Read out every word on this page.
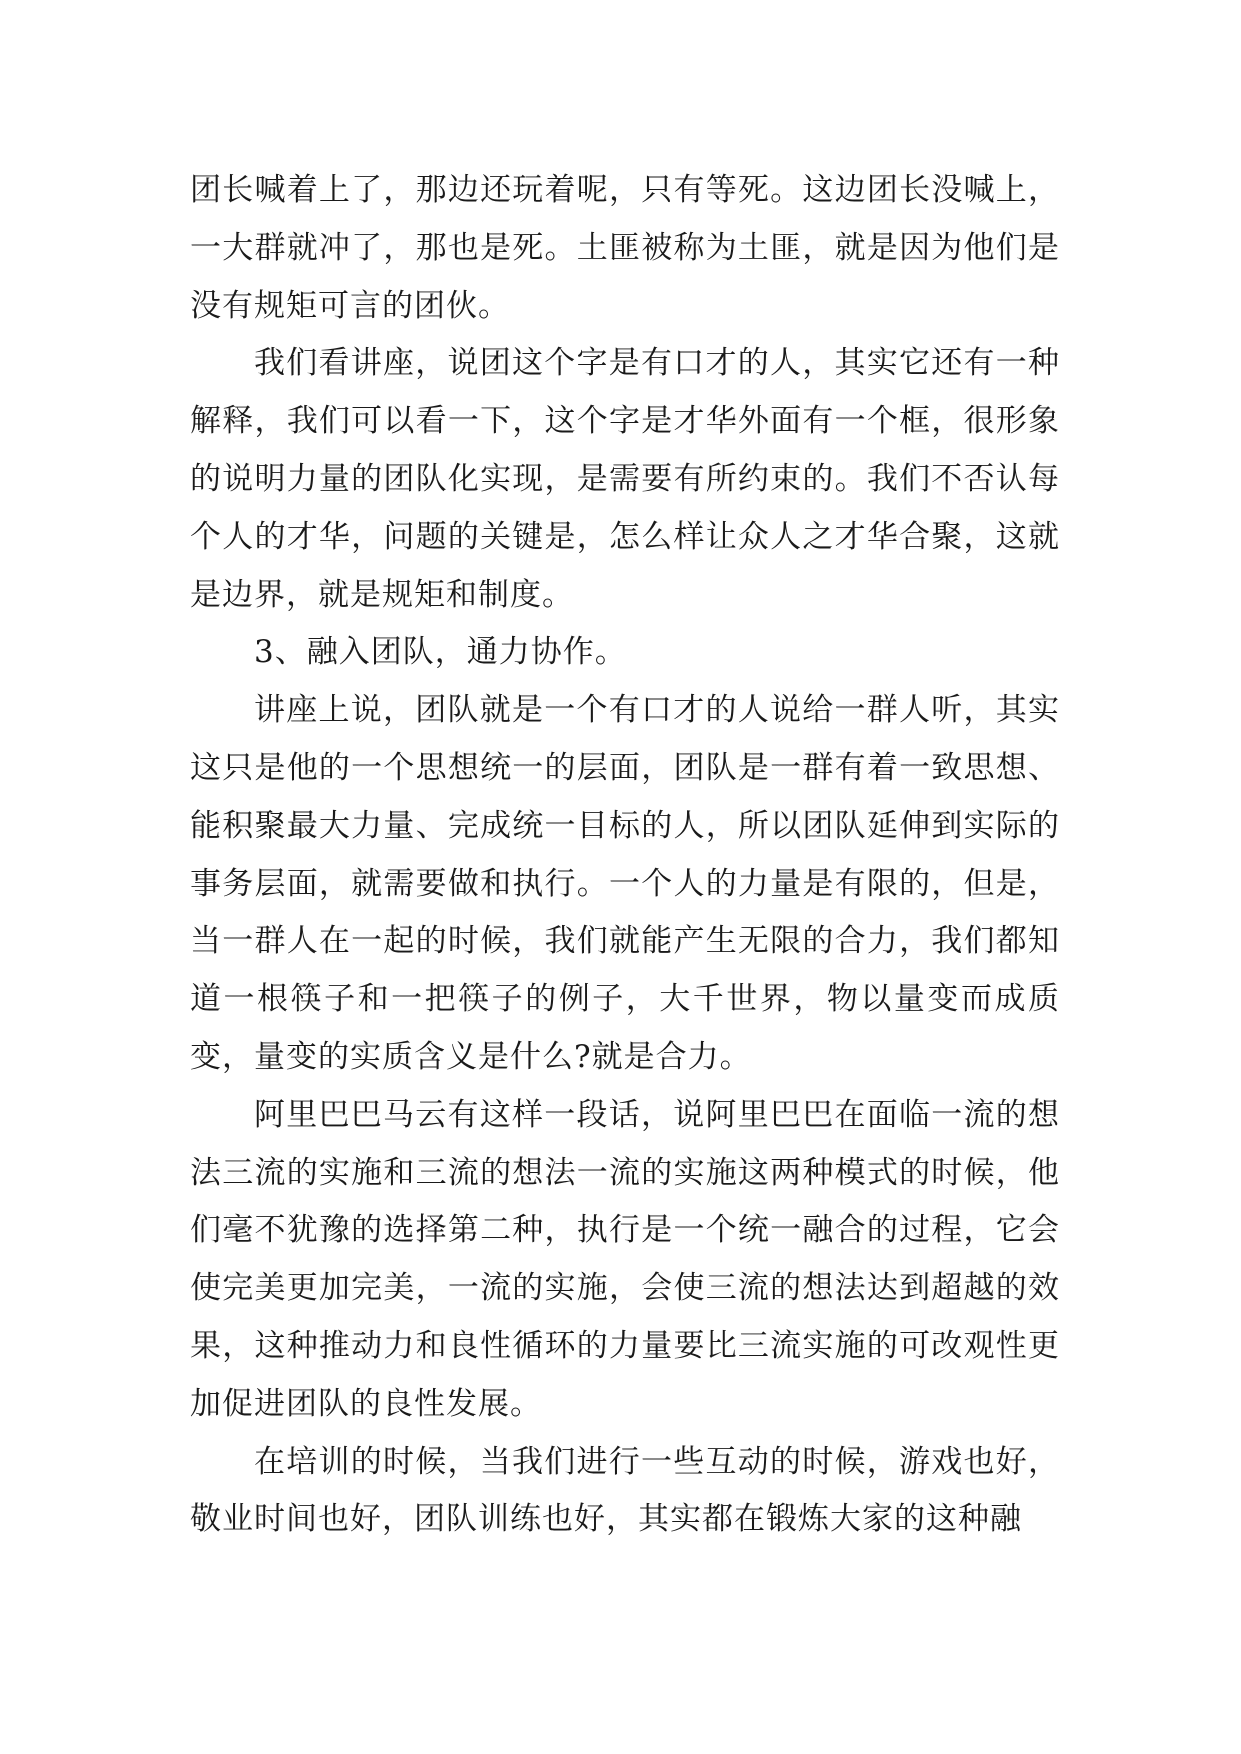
团长喊着上了，那边还玩着呢，只有等死。这边团长没喊上，一大群就冲了，那也是死。土匪被称为土匪，就是因为他们是没有规矩可言的团伙。

我们看讲座，说团这个字是有口才的人，其实它还有一种解释，我们可以看一下，这个字是才华外面有一个框，很形象的说明力量的团队化实现，是需要有所约束的。我们不否认每个人的才华，问题的关键是，怎么样让众人之才华合聚，这就是边界，就是规矩和制度。

3、融入团队，通力协作。

讲座上说，团队就是一个有口才的人说给一群人听，其实这只是他的一个思想统一的层面，团队是一群有着一致思想、能积聚最大力量、完成统一目标的人，所以团队延伸到实际的事务层面，就需要做和执行。一个人的力量是有限的，但是，当一群人在一起的时候，我们就能产生无限的合力，我们都知道一根筷子和一把筷子的例子，大千世界，物以量变而成质变，量变的实质含义是什么?就是合力。

阿里巴巴马云有这样一段话，说阿里巴巴在面临一流的想法三流的实施和三流的想法一流的实施这两种模式的时候，他们毫不犹豫的选择第二种，执行是一个统一融合的过程，它会使完美更加完美，一流的实施，会使三流的想法达到超越的效果，这种推动力和良性循环的力量要比三流实施的可改观性更加促进团队的良性发展。

在培训的时候，当我们进行一些互动的时候，游戏也好，敬业时间也好，团队训练也好，其实都在锻炼大家的这种融
